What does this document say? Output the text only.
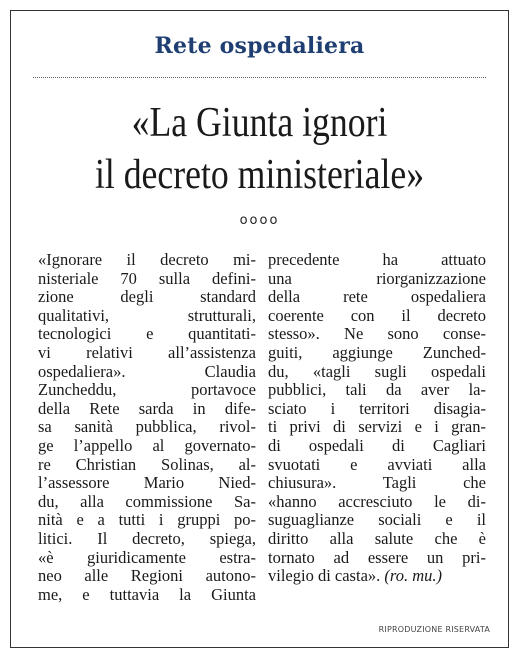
Rete ospedaliera
«La Giunta ignori
il decreto ministeriale»
oooo
«Ignorare il decreto mi-
nisteriale 70 sulla defini-
zione degli standard
qualitativi, strutturali,
tecnologici e quantitati-
vi relativi all’assistenza
ospedaliera». Claudia
Zuncheddu, portavoce
della Rete sarda in dife-
sa sanità pubblica, rivol-
ge l’appello al governato-
re Christian Solinas, al-
l’assessore Mario Nied-
du, alla commissione Sa-
nità e a tutti i gruppi po-
litici. Il decreto, spiega,
«è giuridicamente estra-
neo alle Regioni autono-
me, e tuttavia la Giunta
precedente ha attuato
una riorganizzazione
della rete ospedaliera
coerente con il decreto
stesso». Ne sono conse-
guiti, aggiunge Zunched-
du, «tagli sugli ospedali
pubblici, tali da aver la-
sciato i territori disagia-
ti privi di servizi e i gran-
di ospedali di Cagliari
svuotati e avviati alla
chiusura». Tagli che
«hanno accresciuto le di-
suguaglianze sociali e il
diritto alla salute che è
tornato ad essere un pri-
vilegio di casta». (ro. mu.)
RIPRODUZIONE RISERVATA
